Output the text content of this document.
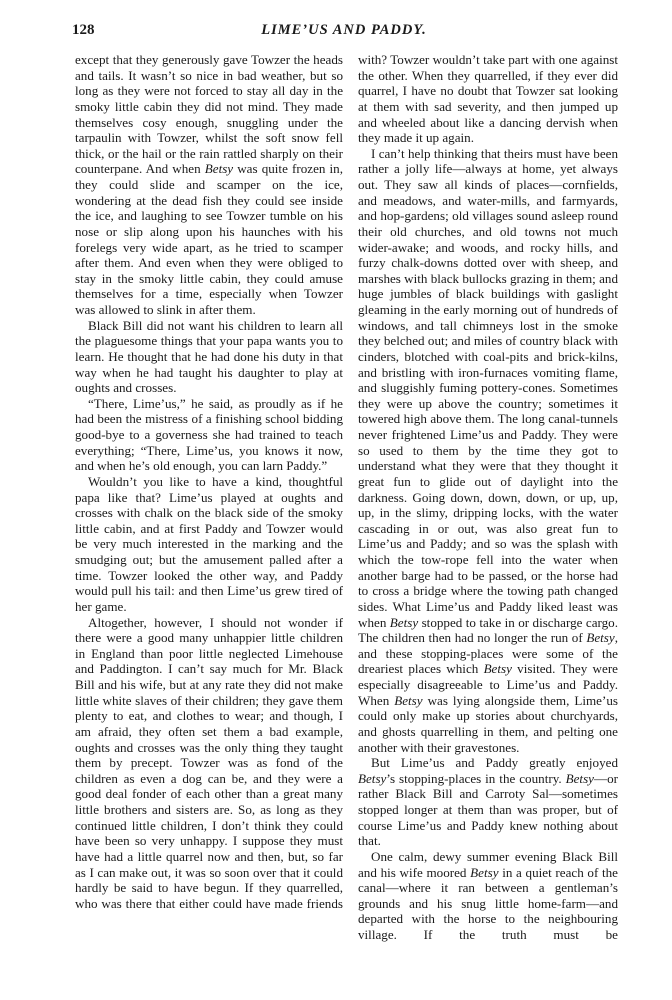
128	LIME’US AND PADDY.

except that they generously gave Towzer the heads and tails. It wasn’t so nice in bad weather, but so long as they were not forced to stay all day in the smoky little cabin they did not mind. They made themselves cosy enough, snuggling under the tarpaulin with Towzer, whilst the soft snow fell thick, or the hail or the rain rattled sharply on their counterpane. And when Betsy was quite frozen in, they could slide and scamper on the ice, wondering at the dead fish they could see inside the ice, and laughing to see Towzer tumble on his nose or slip along upon his haunches with his forelegs very wide apart, as he tried to scamper after them. And even when they were obliged to stay in the smoky little cabin, they could amuse themselves for a time, especially when Towzer was allowed to slink in after them.

Black Bill did not want his children to learn all the plaguesome things that your papa wants you to learn. He thought that he had done his duty in that way when he had taught his daughter to play at oughts and crosses.

“There, Lime’us,” he said, as proudly as if he had been the mistress of a finishing school bidding good-bye to a governess she had trained to teach everything; “There, Lime’us, you knows it now, and when he’s old enough, you can larn Paddy.”

Wouldn’t you like to have a kind, thoughtful papa like that? Lime’us played at oughts and crosses with chalk on the black side of the smoky little cabin, and at first Paddy and Towzer would be very much interested in the marking and the smudging out; but the amusement palled after a time. Towzer looked the other way, and Paddy would pull his tail: and then Lime’us grew tired of her game.

Altogether, however, I should not wonder if there were a good many unhappier little children in England than poor little neglected Limehouse and Paddington. I can’t say much for Mr. Black Bill and his wife, but at any rate they did not make little white slaves of their children; they gave them plenty to eat, and clothes to wear; and though, I am afraid, they often set them a bad example, oughts and crosses was the only thing they taught them by precept. Towzer was as fond of the children as even a dog can be, and they were a good deal fonder of each other than a great many little brothers and sisters are. So, as long as they continued little children, I don’t think they could have been so very unhappy. I suppose they must have had a little quarrel now and then, but, so far as I can make out, it was so soon over that it could hardly be said to have begun. If they quarrelled, who was there that either could have made friends

with? Towzer wouldn’t take part with one against the other. When they quarrelled, if they ever did quarrel, I have no doubt that Towzer sat looking at them with sad severity, and then jumped up and wheeled about like a dancing dervish when they made it up again.

I can’t help thinking that theirs must have been rather a jolly life—always at home, yet always out. They saw all kinds of places—cornfields, and meadows, and water-mills, and farmyards, and hop-gardens; old villages sound asleep round their old churches, and old towns not much wider-awake; and woods, and rocky hills, and furzy chalk-downs dotted over with sheep, and marshes with black bullocks grazing in them; and huge jumbles of black buildings with gaslight gleaming in the early morning out of hundreds of windows, and tall chimneys lost in the smoke they belched out; and miles of country black with cinders, blotched with coal-pits and brick-kilns, and bristling with iron-furnaces vomiting flame, and sluggishly fuming pottery-cones. Sometimes they were up above the country; sometimes it towered high above them. The long canal-tunnels never frightened Lime’us and Paddy. They were so used to them by the time they got to understand what they were that they thought it great fun to glide out of daylight into the darkness. Going down, down, down, or up, up, up, in the slimy, dripping locks, with the water cascading in or out, was also great fun to Lime’us and Paddy; and so was the splash with which the tow-rope fell into the water when another barge had to be passed, or the horse had to cross a bridge where the towing path changed sides. What Lime’us and Paddy liked least was when Betsy stopped to take in or discharge cargo. The children then had no longer the run of Betsy, and these stopping-places were some of the dreariest places which Betsy visited. They were especially disagreeable to Lime’us and Paddy. When Betsy was lying alongside them, Lime’us could only make up stories about churchyards, and ghosts quarrelling in them, and pelting one another with their gravestones.

But Lime’us and Paddy greatly enjoyed Betsy’s stopping-places in the country. Betsy—or rather Black Bill and Carroty Sal—sometimes stopped longer at them than was proper, but of course Lime’us and Paddy knew nothing about that.

One calm, dewy summer evening Black Bill and his wife moored Betsy in a quiet reach of the canal—where it ran between a gentleman’s grounds and his snug little home-farm—and departed with the horse to the neighbouring village. If the truth must be
